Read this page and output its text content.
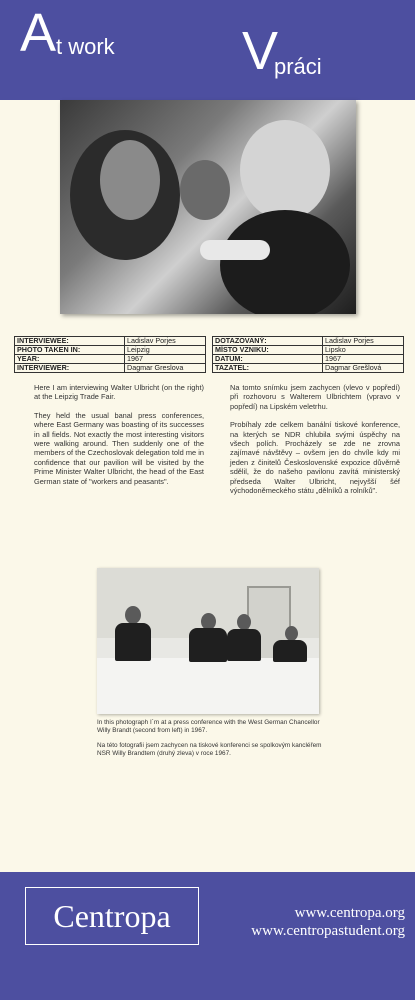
A t work V
práci
INTERVIEWEE:	Ladislav Porjes
PHOTO TAKEN IN:	Leipzig
YEAR:	1967
INTERVIEWER:	Dagmar Greslova
DOTAZOVANÝ:	Ladislav Porjes
MÍSTO VZNIKU:	Lipsko
DATUM:	1967
TAZATEL:	Dagmar Grešlová

Here I am interviewing Walter Ulbricht (on the right) at the Leipzig Trade Fair.

They held the usual banal press conferences, where East Germany was boasting of its successes in all fields. Not exactly the most interesting visitors were walking around. Then suddenly one of the members of the Czechoslovak delegation told me in confidence that our pavilion will be visited by the Prime Minister Walter Ulbricht, the head of the East German state of "workers and peasants".

Na tomto snímku jsem zachycen (vlevo v popředí) při rozhovoru s Walterem Ulbrichtem (vpravo v popředí) na Lipském veletrhu.

Probíhaly zde celkem banální tiskové konference, na kterých se NDR chlubila svými úspěchy na všech polích. Procházely se zde ne zrovna zajímavé návštěvy – ovšem jen do chvíle kdy mi jeden z činitelů Československé expozice důvěrně sdělil, že do našeho pavilonu zavítá ministerský předseda Walter Ulbricht, nejvyšší šéf východoněmeckého státu „dělníků a rolníků".

In this photograph I´m at a press conference with the West German Chancellor Willy Brandt (second from left) in 1967.

Na této fotografii jsem zachycen na tiskové konferenci se spolkovým kancléřem NSR Willy Brandtem (druhý zleva) v roce 1967.

Centropa	www.centropa.org
www.centropastudent.org
